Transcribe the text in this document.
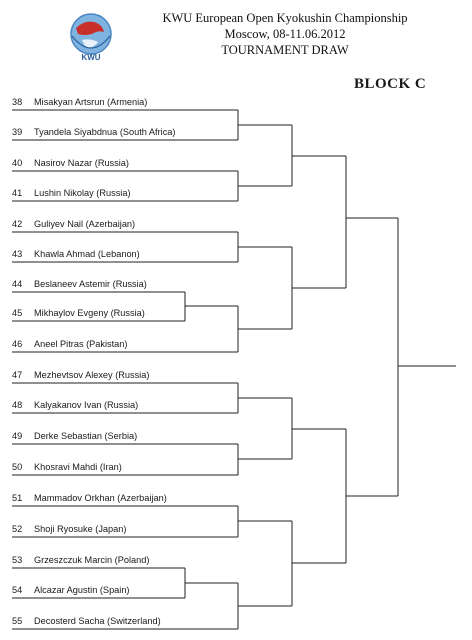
KWU
KWU European Open Kyokushin Championship
Moscow, 08-11.06.2012
TOURNAMENT DRAW
BLOCK C
38 Misakyan Artsrun (Armenia)
39 Tyandela Siyabdnua (South Africa)
40 Nasirov Nazar (Russia)
41 Lushin Nikolay (Russia)
42 Guliyev Nail (Azerbaijan)
43 Khawla Ahmad (Lebanon)
44 Beslaneev Astemir (Russia)
45 Mikhaylov Evgeny (Russia)
46 Aneel Pitras (Pakistan)
47 Mezhevtsov Alexey (Russia)
48 Kalyakanov Ivan (Russia)
49 Derke Sebastian (Serbia)
50 Khosravi Mahdi (Iran)
51 Mammadov Orkhan (Azerbaijan)
52 Shoji Ryosuke (Japan)
53 Grzeszczuk Marcin (Poland)
54 Alcazar Agustin (Spain)
55 Decosterd Sacha (Switzerland)
